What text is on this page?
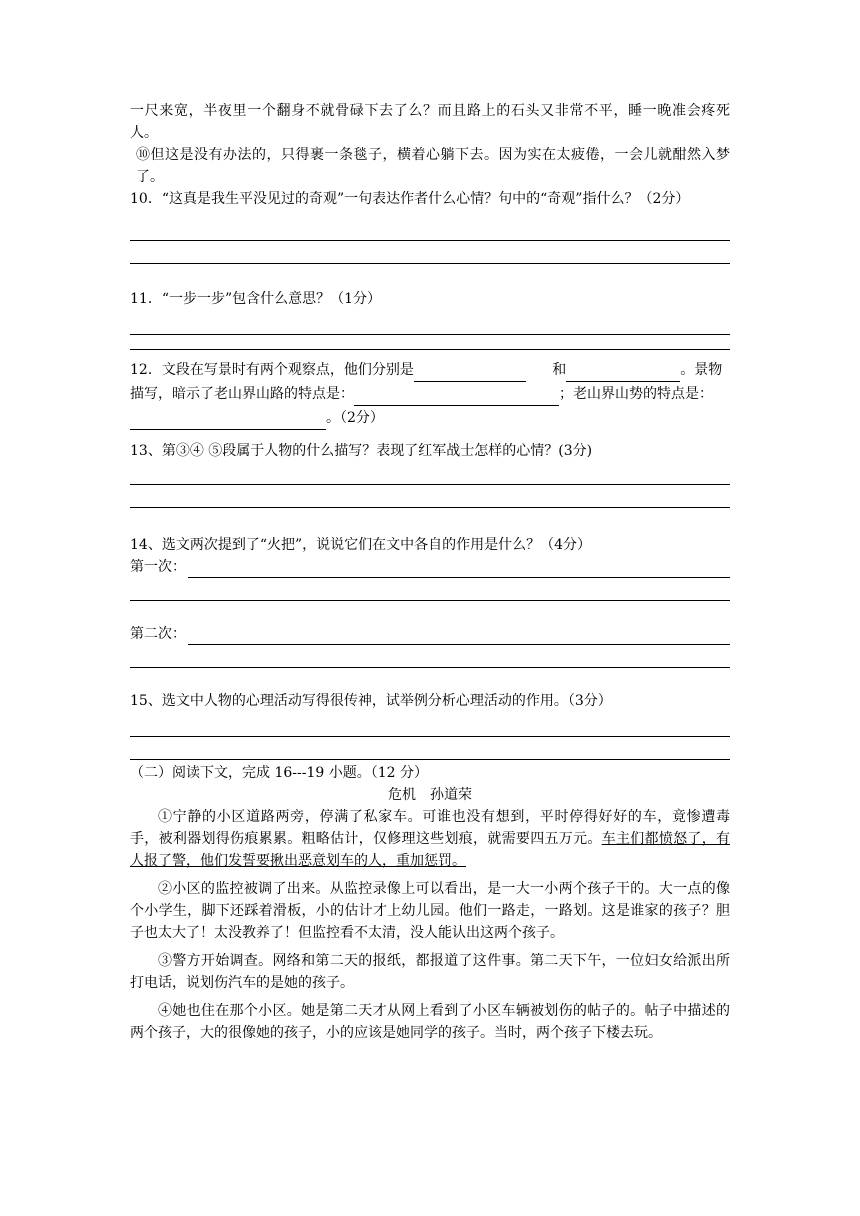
一尺来宽，半夜里一个翻身不就骨碌下去了么？而且路上的石头又非常不平，睡一晚准会疼死人。

⑩但这是没有办法的，只得裹一条毯子，横着心躺下去。因为实在太疲倦，一会儿就酣然入梦了。

10．“这真是我生平没见过的奇观”一句表达作者什么心情？句中的“奇观”指什么？（2分）

11．“一步一步”包含什么意思？（1分）

12．文段在写景时有两个观察点，他们分别是	和	。景物描写，暗示了老山界山路的特点是：	；老山界山势的特点是：。（2分）

13、第③④ ⑤段属于人物的什么描写？表现了红军战士怎样的心情？(3分)

14、选文两次提到了“火把”，说说它们在文中各自的作用是什么？（4分）

第一次：
第二次：

15、选文中人物的心理活动写得很传神，试举例分析心理活动的作用。（3分）

（二）阅读下文，完成 16---19 小题。（12 分）

危机　孙道荣

①宁静的小区道路两旁，停满了私家车。可谁也没有想到，平时停得好好的车，竟惨遭毒手，被利器划得伤痕累累。粗略估计，仅修理这些划痕，就需要四五万元。车主们都愤怒了，有人报了警，他们发誓要揪出恶意划车的人，重加惩罚。

②小区的监控被调了出来。从监控录像上可以看出，是一大一小两个孩子干的。大一点的像个小学生，脚下还踩着滑板，小的估计才上幼儿园。他们一路走，一路划。这是谁家的孩子？胆子也太大了！太没教养了！但监控看不太清，没人能认出这两个孩子。

③警方开始调查。网络和第二天的报纸，都报道了这件事。第二天下午，一位妇女给派出所打电话，说划伤汽车的是她的孩子。

④她也住在那个小区。她是第二天才从网上看到了小区车辆被划伤的帖子的。帖子中描述的两个孩子，大的很像她的孩子，小的应该是她同学的孩子。当时，两个孩子下楼去玩。
